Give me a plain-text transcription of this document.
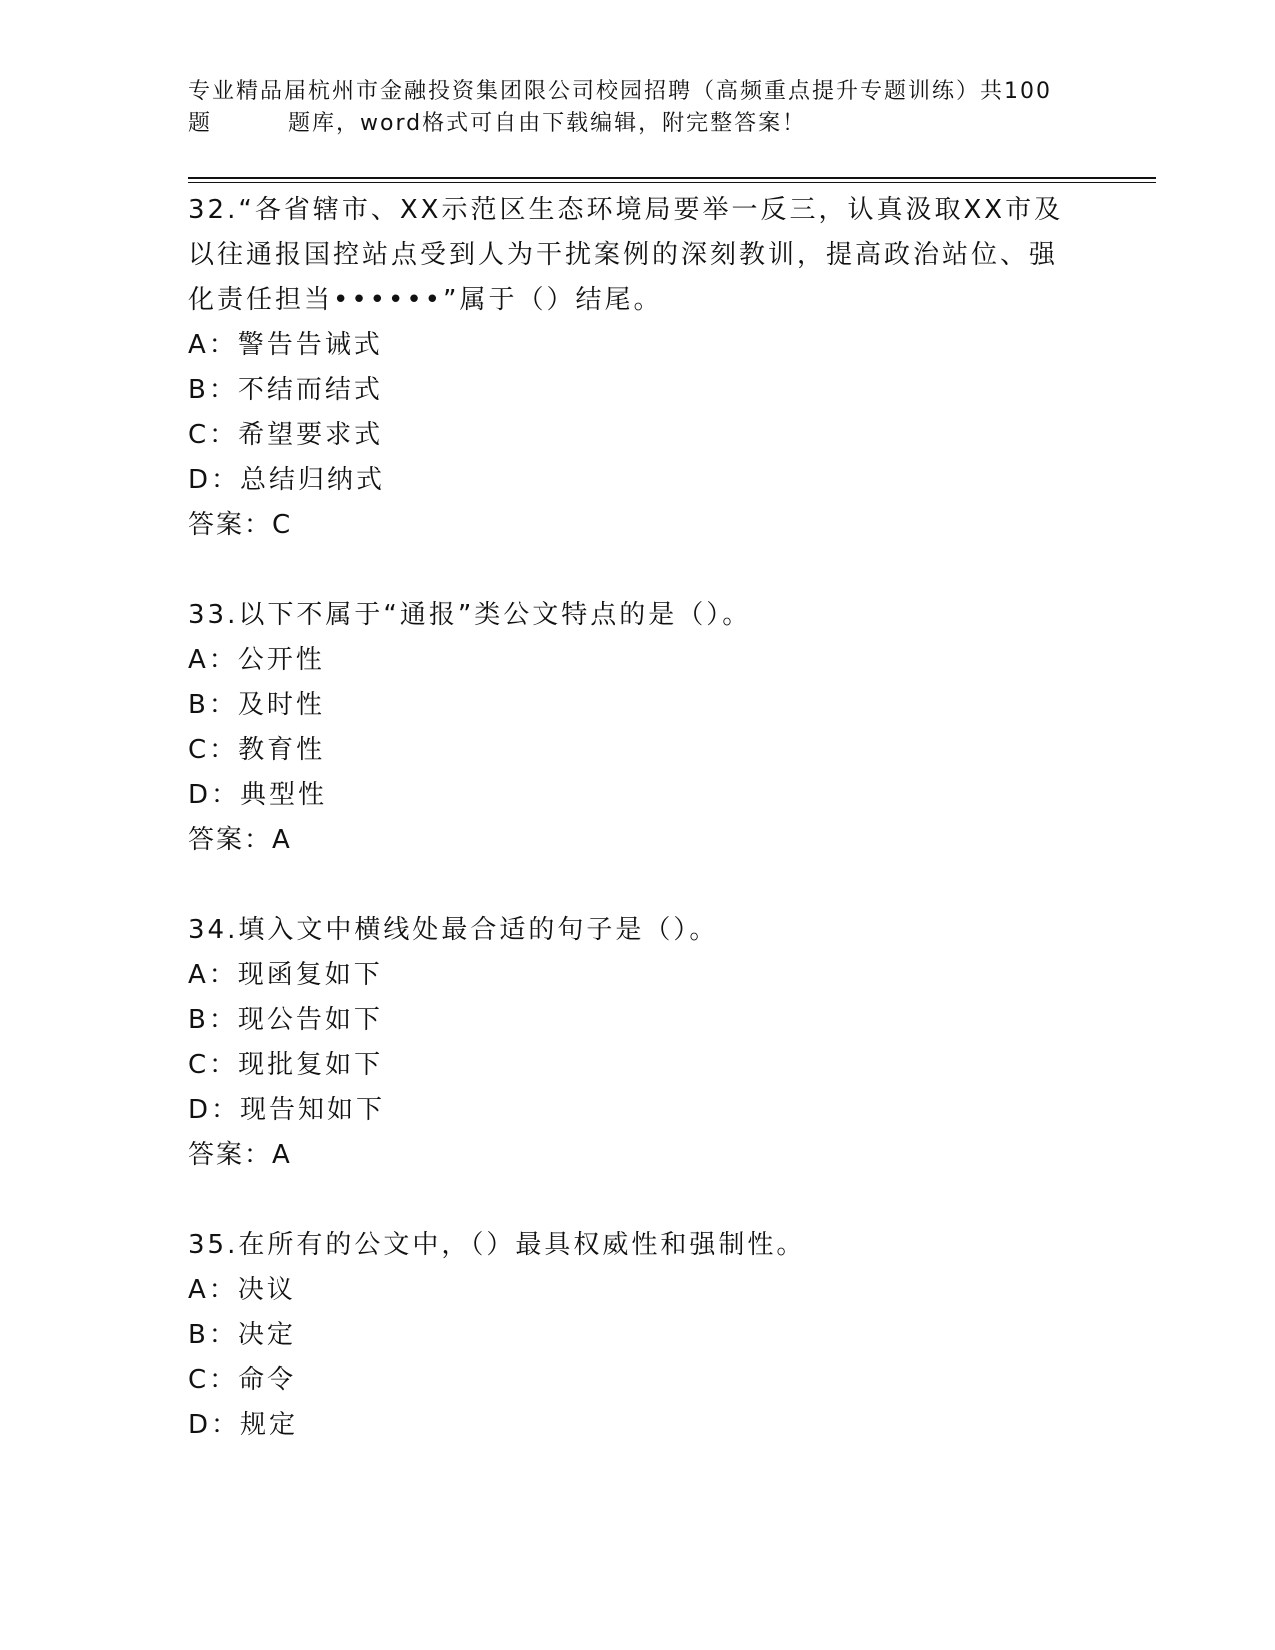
专业精品届杭州市金融投资集团限公司校园招聘（高频重点提升专题训练）共100
题	题库，word格式可自由下载编辑，附完整答案！
32.“各省辖市、XX示范区生态环境局要举一反三，认真汲取XX市及
以往通报国控站点受到人为干扰案例的深刻教训，提高政治站位、强
化责任担当••••••”属于（）结尾。
A：警告告诫式
B：不结而结式
C：希望要求式
D：总结归纳式
答案：C
33.以下不属于“通报”类公文特点的是（）。
A：公开性
B：及时性
C：教育性
D：典型性
答案：A
34.填入文中横线处最合适的句子是（）。
A：现函复如下
B：现公告如下
C：现批复如下
D：现告知如下
答案：A
35.在所有的公文中，（）最具权威性和强制性。
A：决议
B：决定
C：命令
D：规定
